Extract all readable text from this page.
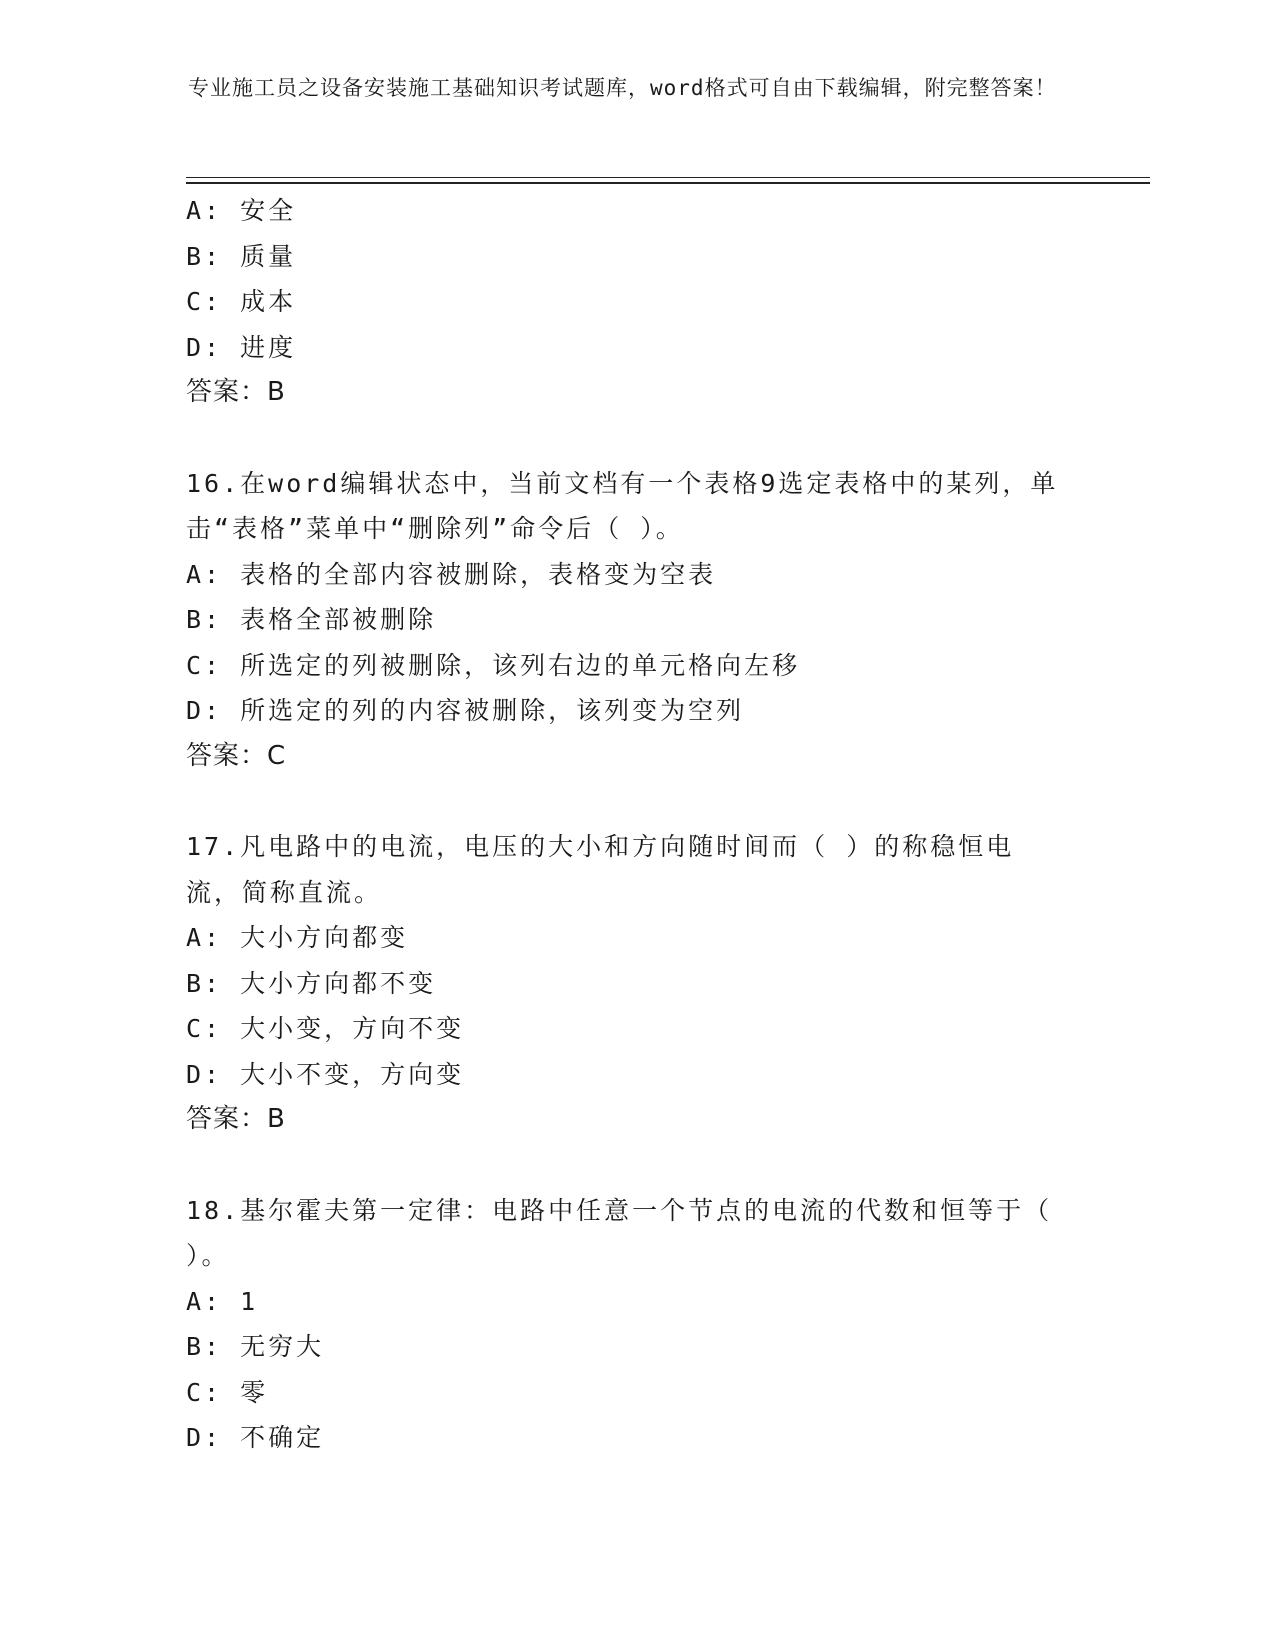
专业施工员之设备安装施工基础知识考试题库，word格式可自由下载编辑，附完整答案！
A: 安全
B: 质量
C: 成本
D: 进度
答案：B
16.在word编辑状态中，当前文档有一个表格9选定表格中的某列，单击“表格”菜单中“删除列”命令后（ ）。
A: 表格的全部内容被删除，表格变为空表
B: 表格全部被删除
C: 所选定的列被删除，该列右边的单元格向左移
D: 所选定的列的内容被删除，该列变为空列
答案：C
17.凡电路中的电流，电压的大小和方向随时间而（ ）的称稳恒电流，简称直流。
A: 大小方向都变
B: 大小方向都不变
C: 大小变，方向不变
D: 大小不变，方向变
答案：B
18.基尔霍夫第一定律：电路中任意一个节点的电流的代数和恒等于（ ）。
A: 1
B: 无穷大
C: 零
D: 不确定
